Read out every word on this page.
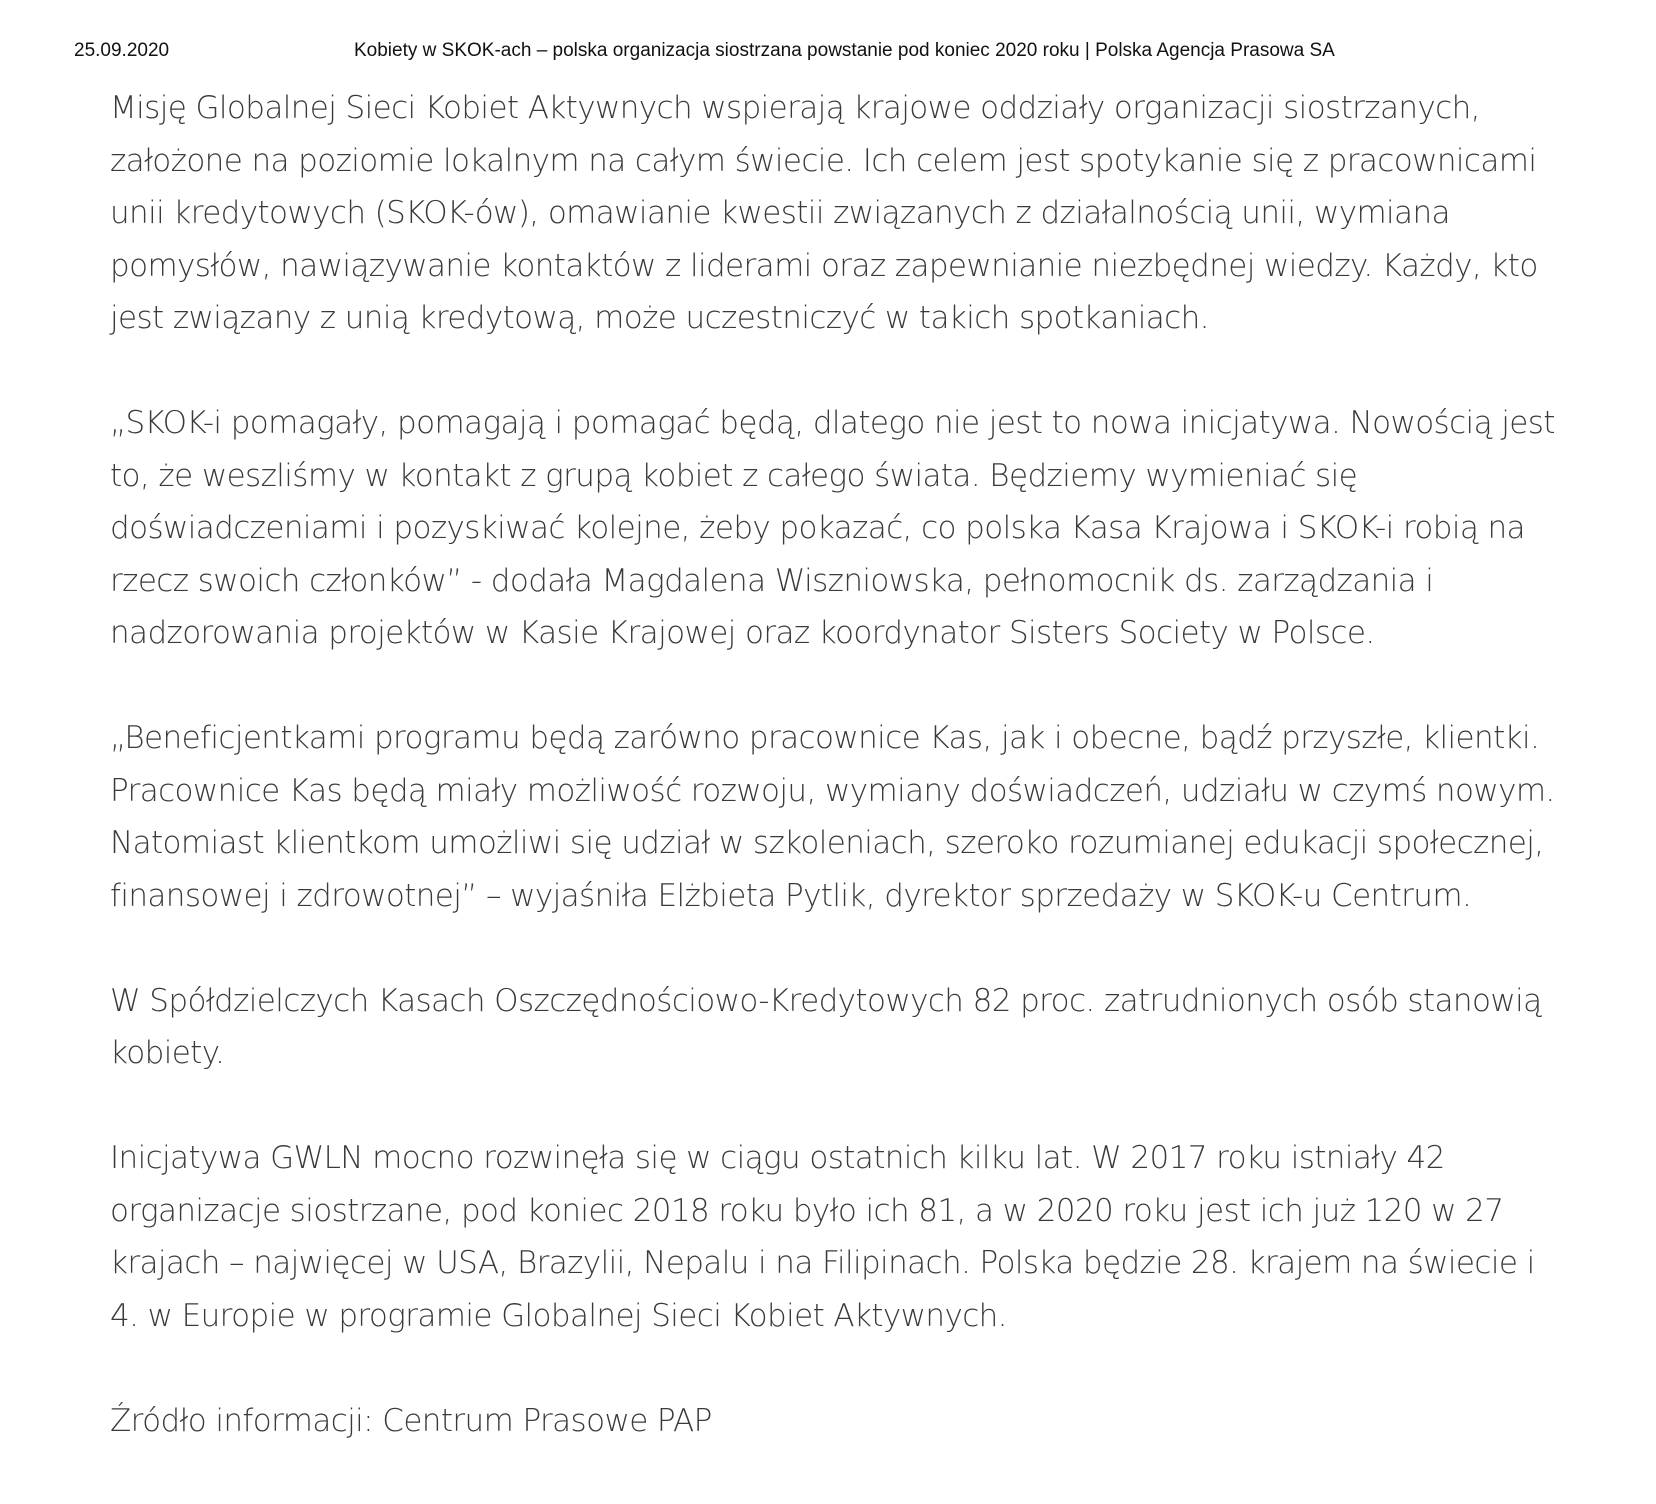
25.09.2020	Kobiety w SKOK-ach – polska organizacja siostrzana powstanie pod koniec 2020 roku | Polska Agencja Prasowa SA

Misję Globalnej Sieci Kobiet Aktywnych wspierają krajowe oddziały organizacji siostrzanych, założone na poziomie lokalnym na całym świecie. Ich celem jest spotykanie się z pracownicami unii kredytowych (SKOK-ów), omawianie kwestii związanych z działalnością unii, wymiana pomysłów, nawiązywanie kontaktów z liderami oraz zapewnianie niezbędnej wiedzy. Każdy, kto jest związany z unią kredytową, może uczestniczyć w takich spotkaniach.

„SKOK-i pomagały, pomagają i pomagać będą, dlatego nie jest to nowa inicjatywa. Nowością jest to, że weszliśmy w kontakt z grupą kobiet z całego świata. Będziemy wymieniać się doświadczeniami i pozyskiwać kolejne, żeby pokazać, co polska Kasa Krajowa i SKOK-i robią na rzecz swoich członków” - dodała Magdalena Wiszniowska, pełnomocnik ds. zarządzania i nadzorowania projektów w Kasie Krajowej oraz koordynator Sisters Society w Polsce.

„Beneficjentkami programu będą zarówno pracownice Kas, jak i obecne, bądź przyszłe, klientki. Pracownice Kas będą miały możliwość rozwoju, wymiany doświadczeń, udziału w czymś nowym. Natomiast klientkom umożliwi się udział w szkoleniach, szeroko rozumianej edukacji społecznej, finansowej i zdrowotnej” – wyjaśniła Elżbieta Pytlik, dyrektor sprzedaży w SKOK-u Centrum.

W Spółdzielczych Kasach Oszczędnościowo-Kredytowych 82 proc. zatrudnionych osób stanowią kobiety.

Inicjatywa GWLN mocno rozwinęła się w ciągu ostatnich kilku lat. W 2017 roku istniały 42 organizacje siostrzane, pod koniec 2018 roku było ich 81, a w 2020 roku jest ich już 120 w 27 krajach – najwięcej w USA, Brazylii, Nepalu i na Filipinach. Polska będzie 28. krajem na świecie i 4. w Europie w programie Globalnej Sieci Kobiet Aktywnych.

Źródło informacji: Centrum Prasowe PAP
